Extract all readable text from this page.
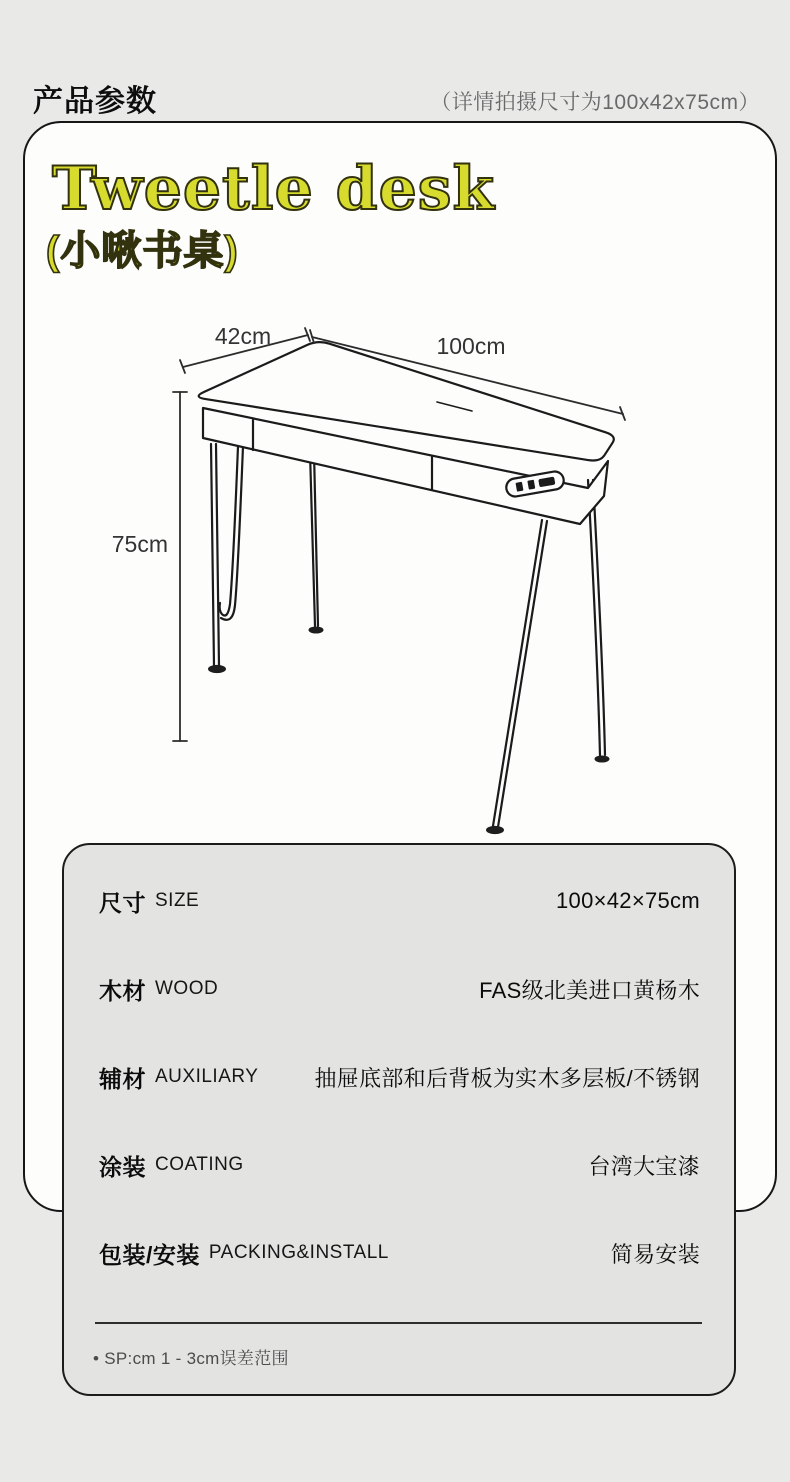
产品参数	（详情拍摄尺寸为100x42x75cm）
Tweetle desk
(小啾书桌)
42cm	100cm
75cm
尺寸 SIZE	100×42×75cm
木材 WOOD	FAS级北美进口黄杨木
辅材 AUXILIARY	抽屉底部和后背板为实木多层板/不锈钢
涂装 COATING	台湾大宝漆
包装/安装 PACKING&INSTALL	简易安装
• SP:cm 1 - 3cm误差范围
